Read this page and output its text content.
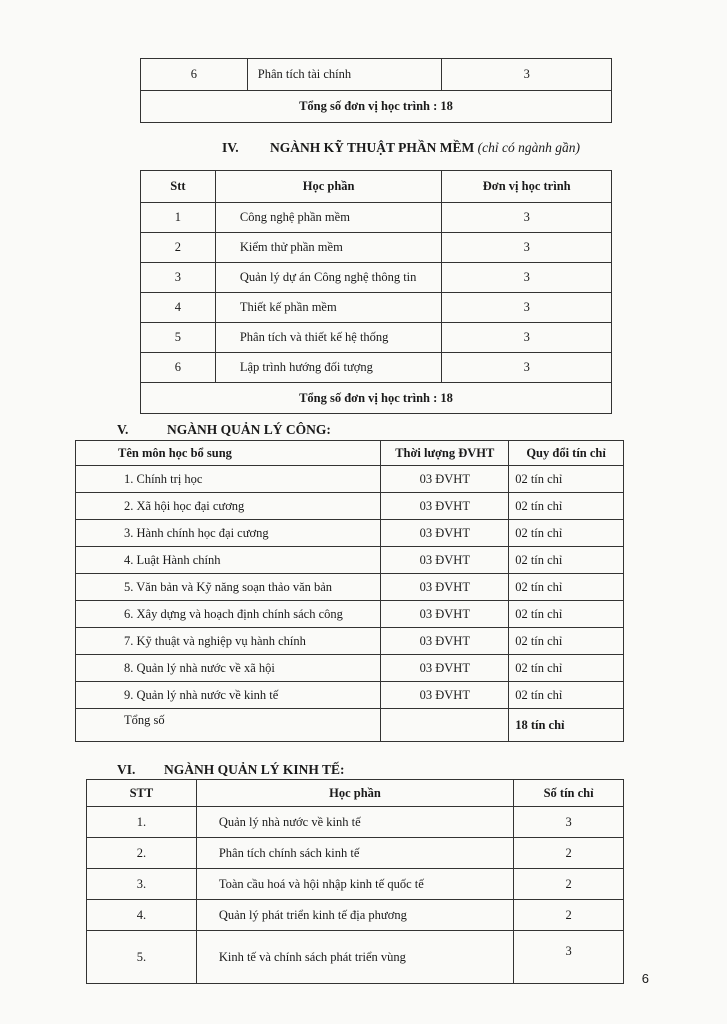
6	Phân tích tài chính	3
Tổng số đơn vị học trình : 18
IV. NGÀNH KỸ THUẬT PHẦN MỀM (chỉ có ngành gần)
Stt	Học phần	Đơn vị học trình
1	Công nghệ phần mềm	3
2	Kiểm thử phần mềm	3
3	Quản lý dự án Công nghệ thông tin	3
4	Thiết kế phần mềm	3
5	Phân tích và thiết kế hệ thống	3
6	Lập trình hướng đối tượng	3
Tổng số đơn vị học trình : 18		
V.	NGÀNH QUẢN LÝ CÔNG:
Tên môn học bổ sung	Thời lượng ĐVHT	Quy đổi tín chỉ
1. Chính trị học	03 ĐVHT	02 tín chỉ
2. Xã hội học đại cương	03 ĐVHT	02 tín chỉ
3. Hành chính học đại cương	03 ĐVHT	02 tín chỉ
4. Luật Hành chính	03 ĐVHT	02 tín chỉ
5. Văn bản và Kỹ năng soạn thảo văn bản	03 ĐVHT	02 tín chỉ
6. Xây dựng và hoạch định chính sách công	03 ĐVHT	02 tín chỉ
7. Kỹ thuật và nghiệp vụ hành chính	03 ĐVHT	02 tín chỉ
8. Quản lý nhà nước về xã hội	03 ĐVHT	02 tín chỉ
9. Quản lý nhà nước về kinh tế	03 ĐVHT	02 tín chỉ
Tổng số		18 tín chỉ
VI. NGÀNH QUẢN LÝ KINH TẾ:
STT	Học phần	Số tín chỉ
1.	Quản lý nhà nước về kinh tế	3
2.	Phân tích chính sách kinh tế	2
3.	Toàn cầu hoá và hội nhập kinh tế quốc tế	2
4.	Quản lý phát triển kinh tế địa phương	2
5.	Kinh tế và chính sách phát triển vùng	3
6
